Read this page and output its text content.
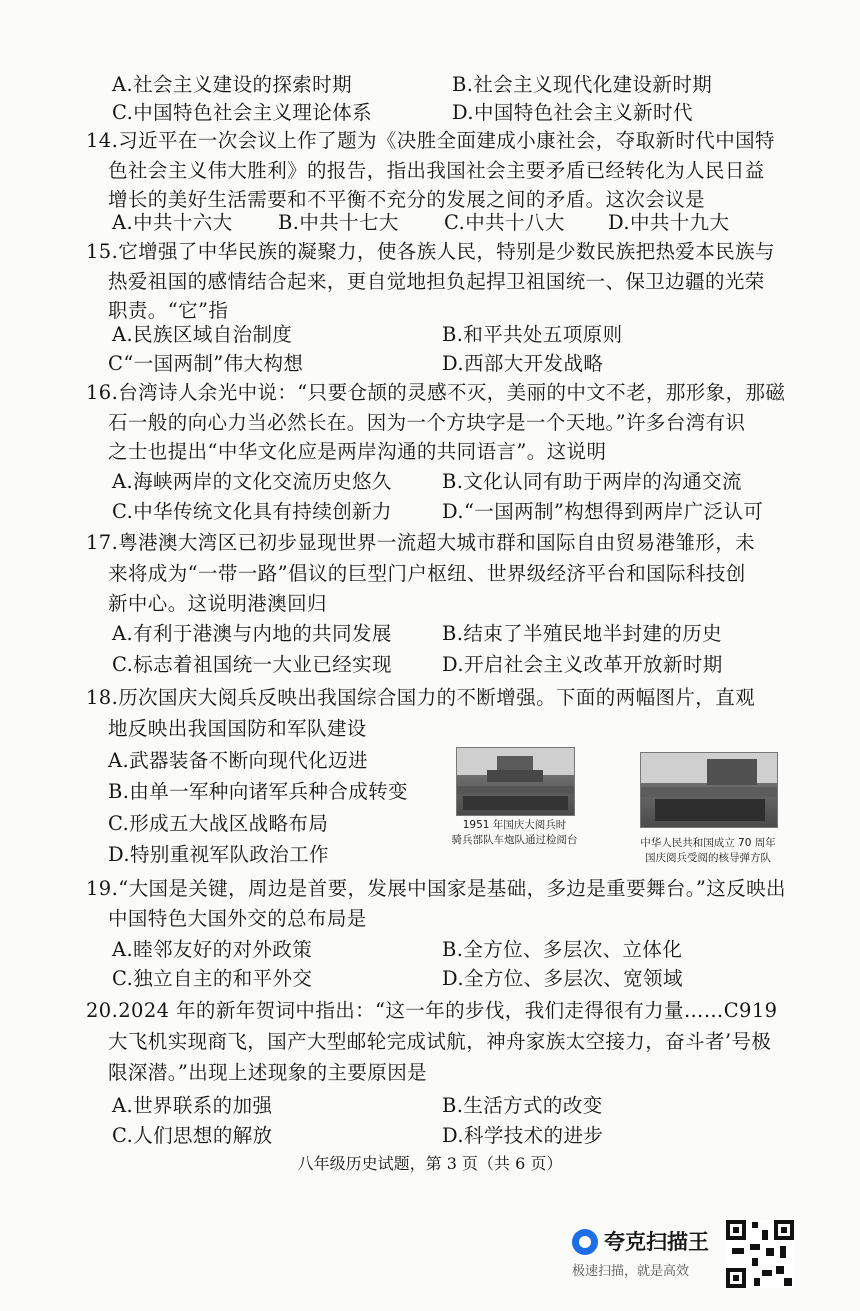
A.社会主义建设的探索时期	B.社会主义现代化建设新时期
C.中国特色社会主义理论体系	D.中国特色社会主义新时代
14.习近平在一次会议上作了题为《决胜全面建成小康社会，夺取新时代中国特
色社会主义伟大胜利》的报告，指出我国社会主要矛盾已经转化为人民日益
增长的美好生活需要和不平衡不充分的发展之间的矛盾。这次会议是
A.中共十六大 B.中共十七大 C.中共十八大 D.中共十九大
15.它增强了中华民族的凝聚力，使各族人民，特别是少数民族把热爱本民族与
热爱祖国的感情结合起来，更自觉地担负起捍卫祖国统一、保卫边疆的光荣
职责。“它”指
A.民族区域自治制度	B.和平共处五项原则
C“一国两制”伟大构想	D.西部大开发战略
16.台湾诗人余光中说：“只要仓颉的灵感不灭，美丽的中文不老，那形象，那磁
石一般的向心力当必然长在。因为一个方块字是一个天地。”许多台湾有识
之士也提出“中华文化应是两岸沟通的共同语言”。这说明
A.海峡两岸的文化交流历史悠久	B.文化认同有助于两岸的沟通交流
C.中华传统文化具有持续创新力	D.“一国两制”构想得到两岸广泛认可
17.粤港澳大湾区已初步显现世界一流超大城市群和国际自由贸易港雏形，未
来将成为“一带一路”倡议的巨型门户枢纽、世界级经济平台和国际科技创
新中心。这说明港澳回归
A.有利于港澳与内地的共同发展	B.结束了半殖民地半封建的历史
C.标志着祖国统一大业已经实现	D.开启社会主义改革开放新时期
18.历次国庆大阅兵反映出我国综合国力的不断增强。下面的两幅图片，直观
地反映出我国国防和军队建设
A.武器装备不断向现代化迈进
B.由单一军种向诸军兵种合成转变
C.形成五大战区战略布局
D.特别重视军队政治工作
1951 年国庆大阅兵时
骑兵部队车炮队通过检阅台	中华人民共和国成立 70 周年
国庆阅兵受阅的核导弹方队
19.“大国是关键，周边是首要，发展中国家是基础，多边是重要舞台。”这反映出
中国特色大国外交的总布局是
A.睦邻友好的对外政策	B.全方位、多层次、立体化
C.独立自主的和平外交	D.全方位、多层次、宽领域
20.2024 年的新年贺词中指出：“这一年的步伐，我们走得很有力量……C919
大飞机实现商飞，国产大型邮轮完成试航，神舟家族太空接力，奋斗者’号极
限深潜。”出现上述现象的主要原因是
A.世界联系的加强	B.生活方式的改变
C.人们思想的解放	D.科学技术的进步
八年级历史试题，第 3 页（共 6 页）
夸克扫描王
极速扫描，就是高效
